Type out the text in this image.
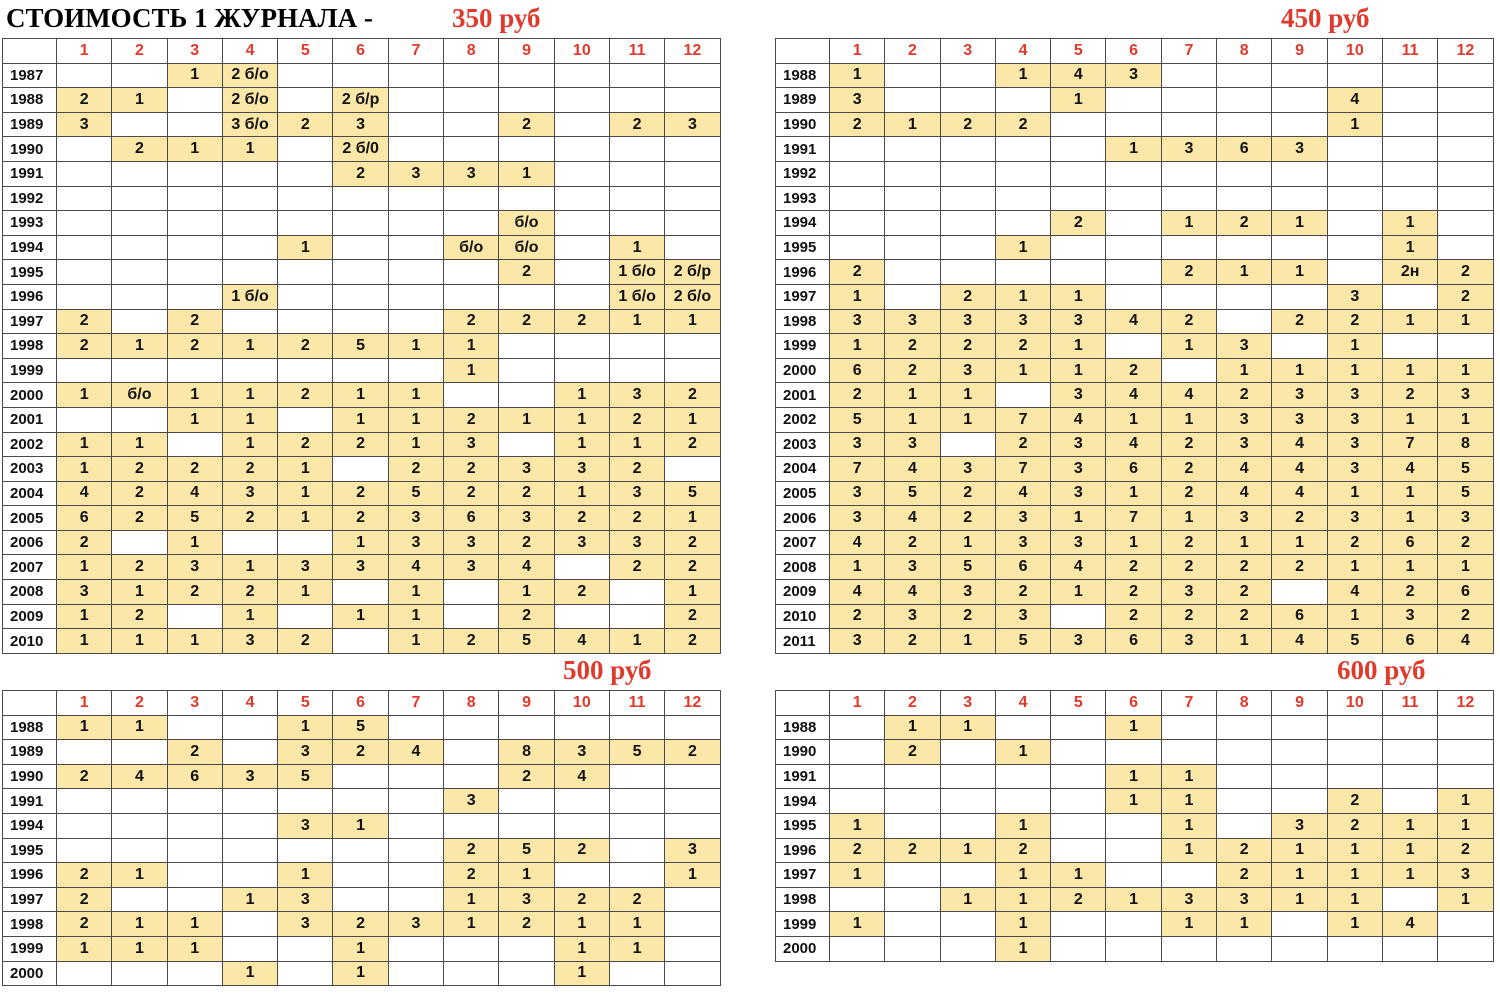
СТОИМОСТЬ 1 ЖУРНАЛА -	350 руб	450 руб
500 руб	600 руб
	1	2	3	4	5	6	7	8	9	10	11	12
1987			1	2 б/о								
1988	2	1		2 б/о		2 б/р						
1989	3			3 б/о	2	3			2		2	3
1990		2	1	1		2 б/0						
1991						2	3	3	1			
1992												
1993									б/о			
1994					1			б/о	б/о		1	
1995									2		1 б/о	2 б/р
1996				1 б/о							1 б/о	2 б/о
1997	2		2					2	2	2	1	1
1998	2	1	2	1	2	5	1	1				
1999								1				
2000	1	б/о	1	1	2	1	1			1	3	2
2001			1	1		1	1	2	1	1	2	1
2002	1	1		1	2	2	1	3		1	1	2
2003	1	2	2	2	1		2	2	3	3	2	
2004	4	2	4	3	1	2	5	2	2	1	3	5
2005	6	2	5	2	1	2	3	6	3	2	2	1
2006	2		1			1	3	3	2	3	3	2
2007	1	2	3	1	3	3	4	3	4		2	2
2008	3	1	2	2	1		1		1	2		1
2009	1	2		1		1	1		2			2
2010	1	1	1	3	2		1	2	5	4	1	2
	1	2	3	4	5	6	7	8	9	10	11	12
1988	1			1	4	3						
1989	3				1					4		
1990	2	1	2	2						1		
1991						1	3	6	3			
1992												
1993												
1994					2		1	2	1		1	
1995				1							1	
1996	2						2	1	1		2н	2
1997	1		2	1	1					3		2
1998	3	3	3	3	3	4	2		2	2	1	1
1999	1	2	2	2	1		1	3		1		
2000	6	2	3	1	1	2		1	1	1	1	1
2001	2	1	1		3	4	4	2	3	3	2	3
2002	5	1	1	7	4	1	1	3	3	3	1	1
2003	3	3		2	3	4	2	3	4	3	7	8
2004	7	4	3	7	3	6	2	4	4	3	4	5
2005	3	5	2	4	3	1	2	4	4	1	1	5
2006	3	4	2	3	1	7	1	3	2	3	1	3
2007	4	2	1	3	3	1	2	1	1	2	6	2
2008	1	3	5	6	4	2	2	2	2	1	1	1
2009	4	4	3	2	1	2	3	2		4	2	6
2010	2	3	2	3		2	2	2	6	1	3	2
2011	3	2	1	5	3	6	3	1	4	5	6	4
	1	2	3	4	5	6	7	8	9	10	11	12
1988	1	1			1	5						
1989			2		3	2	4		8	3	5	2
1990	2	4	6	3	5				2	4		
1991								3				
1994					3	1						
1995								2	5	2		3
1996	2	1			1			2	1			1
1997	2			1	3			1	3	2	2	
1998	2	1	1		3	2	3	1	2	1	1	
1999	1	1	1			1				1	1	
2000				1		1				1		
	1	2	3	4	5	6	7	8	9	10	11	12
1988		1	1			1						
1990		2		1								
1991						1	1					
1994						1	1			2		1
1995	1			1			1		3	2	1	1
1996	2	2	1	2			1	2	1	1	1	2
1997	1			1	1			2	1	1	1	3
1998			1	1	2	1	3	3	1	1		1
1999	1			1			1	1		1	4	
2000				1								
